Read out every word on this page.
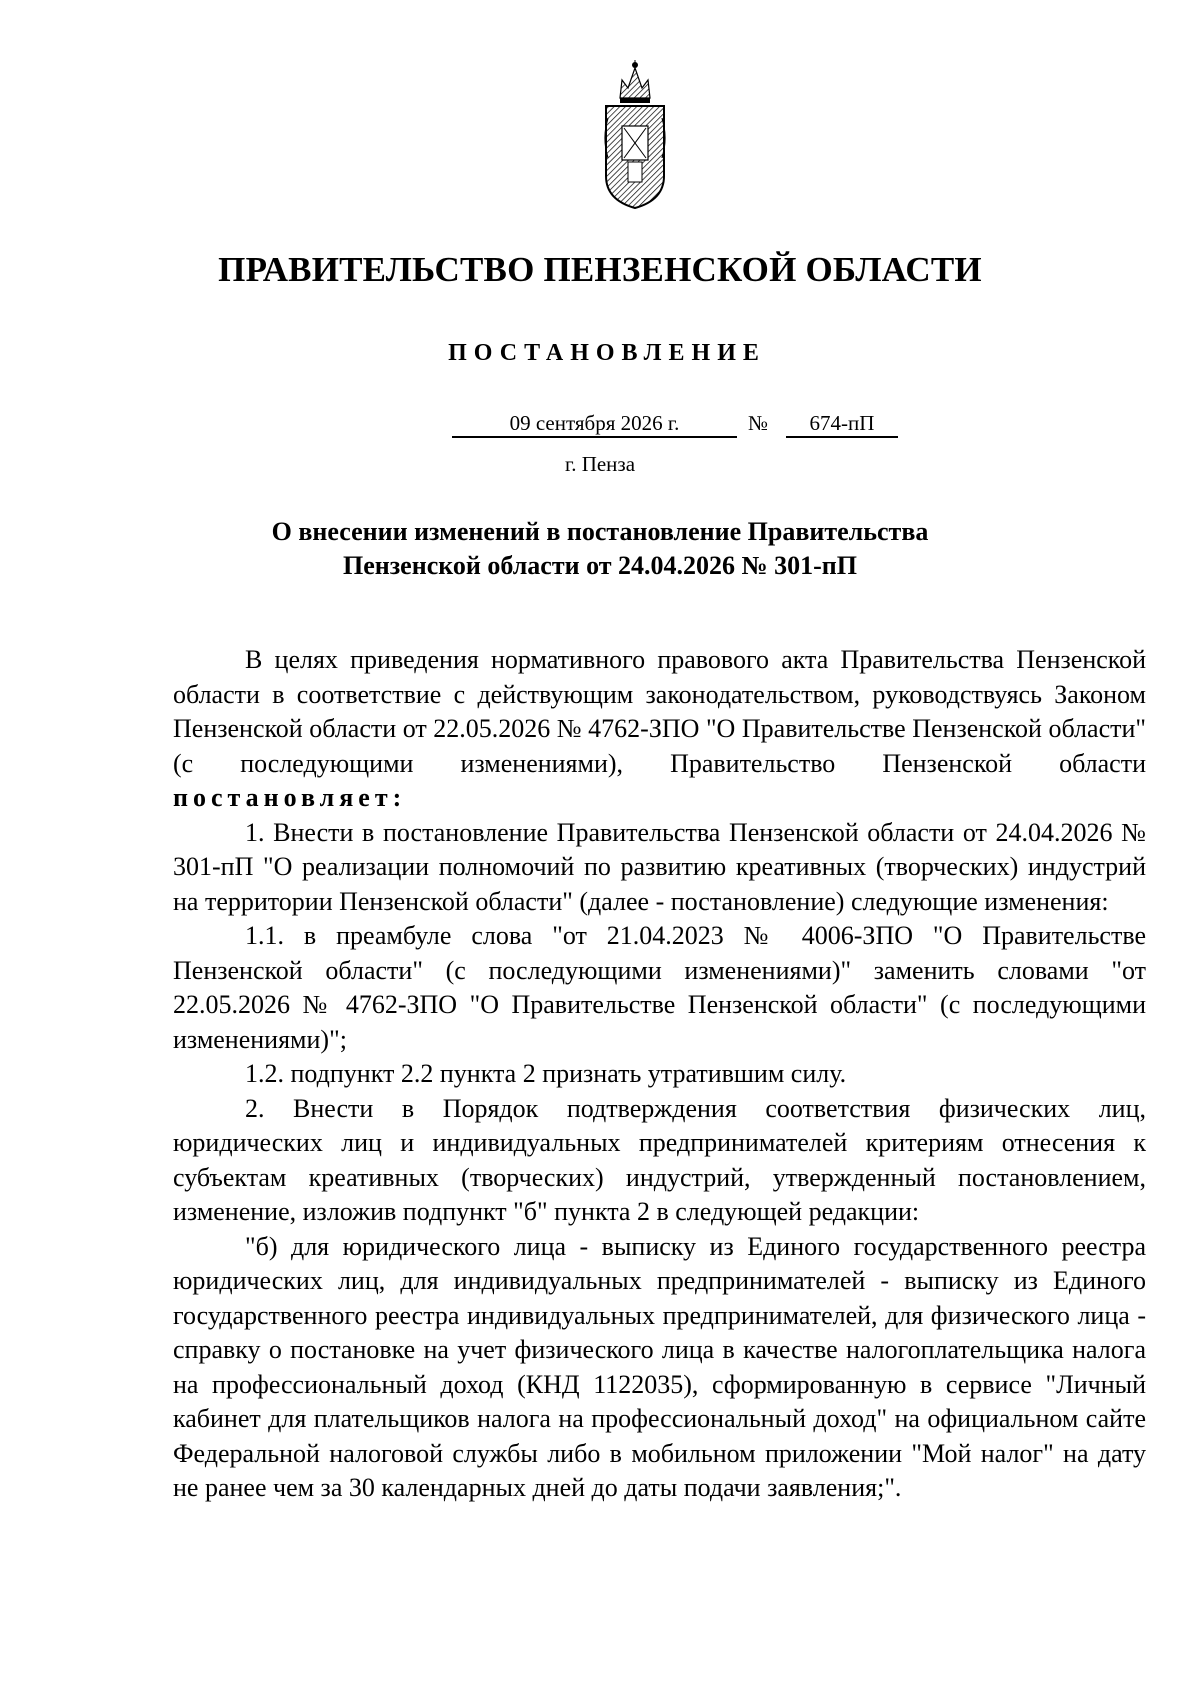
ПРАВИТЕЛЬСТВО ПЕНЗЕНСКОЙ ОБЛАСТИ
ПОСТАНОВЛЕНИЕ
09 сентября 2026 г.	№	674-пП
г. Пенза
О внесении изменений в постановление Правительства
Пензенской области от 24.04.2026 № 301-пП

В целях приведения нормативного правового акта Правительства Пензенской области в соответствие с действующим законодательством, руководствуясь Законом Пензенской области от 22.05.2026 № 4762-ЗПО "О Правительстве Пензенской области" (с последующими изменениями), Правительство Пензенской области постановляет:

1. Внести в постановление Правительства Пензенской области от 24.04.2026 № 301-пП "О реализации полномочий по развитию креативных (творческих) индустрий на территории Пензенской области" (далее - постановление) следующие изменения:

1.1. в преамбуле слова "от 21.04.2023 № 4006-ЗПО "О Правительстве Пензенской области" (с последующими изменениями)" заменить словами "от 22.05.2026 № 4762-ЗПО "О Правительстве Пензенской области" (с последующими изменениями)";

1.2. подпункт 2.2 пункта 2 признать утратившим силу.

2. Внести в Порядок подтверждения соответствия физических лиц, юридических лиц и индивидуальных предпринимателей критериям отнесения к субъектам креативных (творческих) индустрий, утвержденный постановлением, изменение, изложив подпункт "б" пункта 2 в следующей редакции:

"б) для юридического лица - выписку из Единого государственного реестра юридических лиц, для индивидуальных предпринимателей - выписку из Единого государственного реестра индивидуальных предпринимателей, для физического лица - справку о постановке на учет физического лица в качестве налогоплательщика налога на профессиональный доход (КНД 1122035), сформированную в сервисе "Личный кабинет для плательщиков налога на профессиональный доход" на официальном сайте Федеральной налоговой службы либо в мобильном приложении "Мой налог" на дату не ранее чем за 30 календарных дней до даты подачи заявления;".
